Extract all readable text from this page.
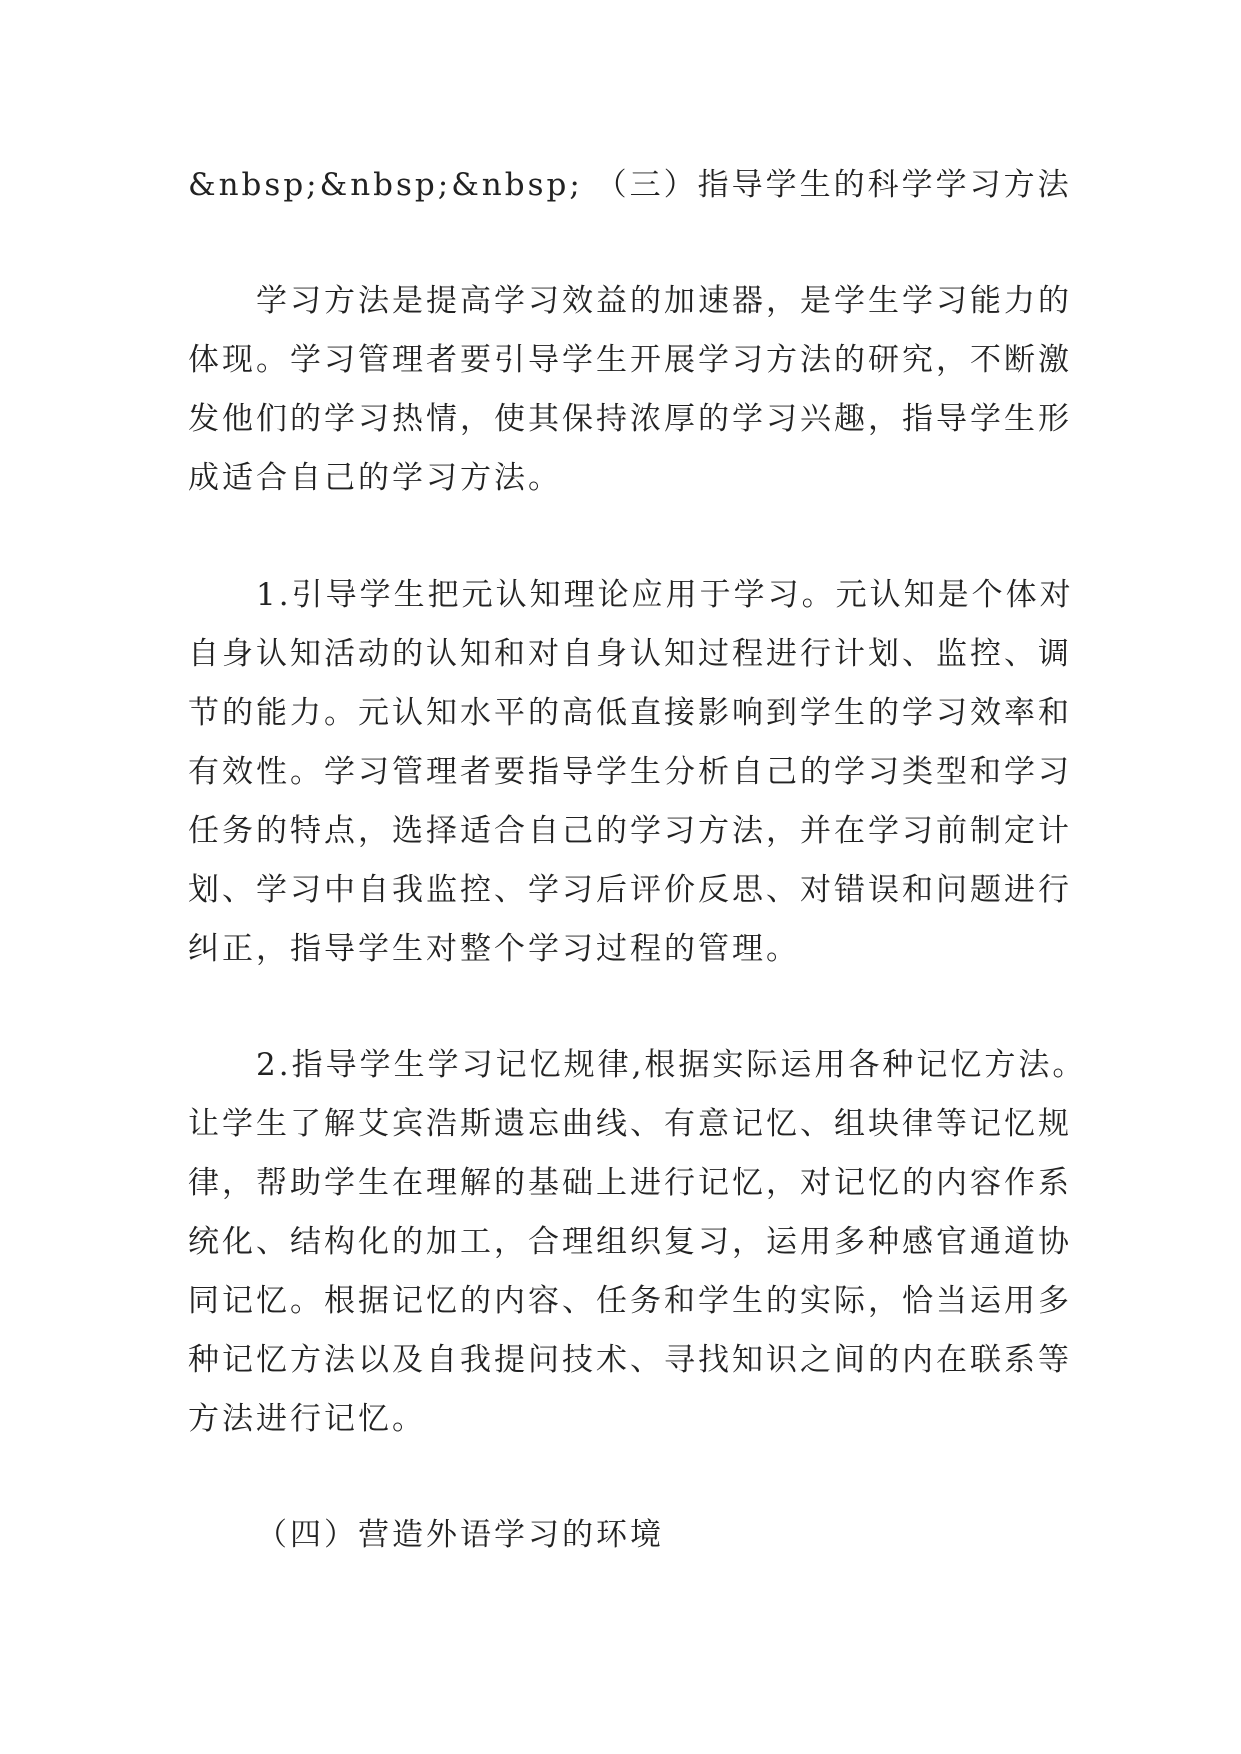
&nbsp;&nbsp;&nbsp; （三）指导学生的科学学习方法

　　学习方法是提高学习效益的加速器，是学生学习能力的
体现。学习管理者要引导学生开展学习方法的研究，不断激
发他们的学习热情，使其保持浓厚的学习兴趣，指导学生形
成适合自己的学习方法。

　　1.引导学生把元认知理论应用于学习。元认知是个体对
自身认知活动的认知和对自身认知过程进行计划、监控、调
节的能力。元认知水平的高低直接影响到学生的学习效率和
有效性。学习管理者要指导学生分析自己的学习类型和学习
任务的特点，选择适合自己的学习方法，并在学习前制定计
划、学习中自我监控、学习后评价反思、对错误和问题进行
纠正，指导学生对整个学习过程的管理。

　　2.指导学生学习记忆规律,根据实际运用各种记忆方法。
让学生了解艾宾浩斯遗忘曲线、有意记忆、组块律等记忆规
律，帮助学生在理解的基础上进行记忆，对记忆的内容作系
统化、结构化的加工，合理组织复习，运用多种感官通道协
同记忆。根据记忆的内容、任务和学生的实际，恰当运用多
种记忆方法以及自我提问技术、寻找知识之间的内在联系等
方法进行记忆。

（四）营造外语学习的环境
